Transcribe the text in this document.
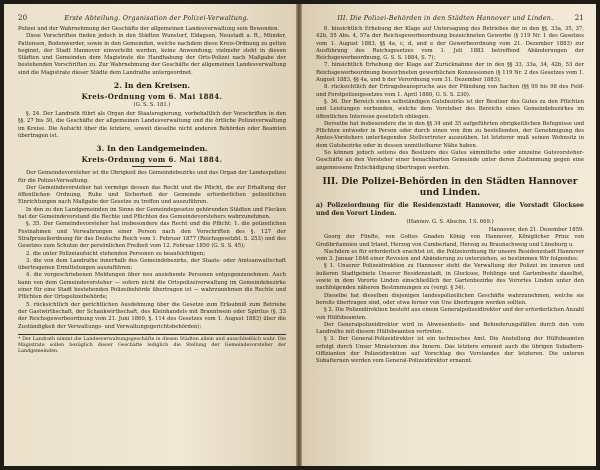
20	Erste Abteilung. Organisation der Polizei-Verwaltung.

Polizei und der Wahrnehmung der Geschäfte der allgemeinen Landesverwaltung sein Bewenden.

Diese Vorschriften finden jedoch in den Städten Wunstorf, Eldagsen, Neustadt a. R., Münder, Pattensen, Bodenwerder, sowie in den Gemeinden, welche nachdem diese Kreis-Ordnung zu gelten beginnt, der Stadt Hannover einverleibt werden, keine Anwendung; vielmehr steht in diesen Städten und Gemeinden dem Magistrate die Handhabung der Orts-Polizei nach Maßgabe der bestehenden Vorschriften zu. Zur Wahrnehmung der Geschäfte der allgemeinen Landesverwaltung sind die Magistrate dieser Städte dem Landrathe untergeordnet.

2. In den Kreisen.
Kreis-Ordnung vom 6. Mai 1884.
(G. S. S. 181.)

§. 24. Der Landrath führt als Organ der Staatsregierung, vorbehaltlich der Vorschriften in den §§. 27 bis 30, die Geschäfte der allgemeinen Landesverwaltung und die örtliche Polizeiverwaltung im Kreise. Die Aufsicht über die letztere, soweit dieselbe nicht anderen Behörden oder Beamten übertragen ist.

3. In den Landgemeinden.
Kreis-Ordnung vom 6. Mai 1884.

Der Gemeindevorsteher ist die Obrigkeit des Gemeindebezirks und das Organ der Landespolizei für die Polizei-Verwaltung.

Der Gemeindevorsteher hat vermöge dessen das Recht und die Pflicht, die zur Erhaltung der öffentlichen Ordnung, Ruhe und Sicherheit der Gemeinde erforderlichen polizeilichen Einrichtungen nach Maßgabe der Gesetze zu treffen und auszuführen.

In den zu den Landgemeinden im Sinne der Gemeindegesetze gehörenden Städten und Flecken hat der Gemeindevorstand die Rechte und Pflichten des Gemeindevorstehers wahrzunehmen.

§. 35. Der Gemeindevorsteher hat insbesondere das Recht und die Pflicht: 1. die polizeilichen Festnahmen und Verwahrungen einer Person nach den Vorschriften des §. 127 der Strafprozeßordnung für das Deutsche Reich vom 1. Februar 1877 (Reichsgesetzbl. S. 253) und des Gesetzes zum Schutze der persönlichen Freiheit vom 12. Februar 1850 (G. S. S. 45);

2. die unter Polizeiaufsicht stehenden Personen zu beaufsichtigen;

3. die von dem Landrathe innerhalb des Gemeindebezirks, der Staats- oder Amtsanwaltschaft übertragenen Ermittelungen auszuführen;

4. die vorgeschriebenen Meldungen über neu anziehende Personen entgegenzunehmen. Auch kann von dem Gemeindevorsteher — sofern nicht die Ortspolizeiverwaltung im Gemeindebezirke einer für eine Stadt bestehenden Polizeibehörde übertragen ist — wahrzunehmen die Rechte und Pflichten der Ortspolizeibehörde;

5. rücksichtlich der gerichtlichen Ausdehnung über die Gesetze zum Erlaubniß zum Betriebe der Gastwirthschaft, der Schankwirthschaft, des Kleinhandels mit Branntwein oder Spiritus (§. 33 der Reichsgewerbeordnung vom 21. Juni 1869, §. 114 des Gesetzes vom 1. August 1883) über die Zuständigkeit der Verwaltungs- und Verwaltungsgerichtsbehörden);

* Der Landrath nimmt die Landesverwaltungsgeschäfte in diesen Städten allein und ausschließlich wahr. Die Magistrate sollen bezüglich dieser Geschäfte lediglich die Stellung der Gemeindevorsteher der Landgemeinden.
III. Die Polizei-Behörden in den Städten Hannover und Linden.	21

6. hinsichtlich Erhebung der Klage auf Untersagung des Betriebes der in den §§. 33a, 35, 37, 42b, 55 Abs. 4, 57a der Reichsgewerbeordnung bezeichneten Gewerbe (§ 119 Nr. 1 des Gesetzes vom 1. August 1883, §§ 4a, c, d, und e der Gewerbeordnung vom 21. Dezember 1883) zur Ausführung des Reichsgesetzes vom 1. Juli 1883 betreffend Abänderungen der Reichsgewerbeordnung, G. S. S. 1884, S. 7);

7. hinsichtlich Erhebung der Klage auf Zurücknahme der in den §§ 33, 33a, 34, 42b, 53 der Reichsgewerbeordnung bezeichneten gewerblichen Konzessionen (§ 119 Nr. 2 des Gesetzes vom 1. August 1883, §§ 4a, und b der Verordnung vom 31. Dezember 1883);

8. rücksichtlich der Ertragsbeanspruche aus der Pfändung von Sachen (§§ 99 bis 98 des Feld- und Forstpolizeigesetzes vom 1. April 1880, G. S. S. 230).

§. 36. Der Bereich eines selbständigen Gutsbezirks ist der Besitzer des Gutes zu den Pflichten und Leistungen verbunden, welche dem Vorsteher des Bereichs eines Gemeindebezirkes im öffentlichen Interesse gesetzlich obliegen.

Derselbe hat insbesondere die in den §§ 34 und 35 aufgeführten obrigkeitlichen Befugnisse und Pflichten entweder in Person oder durch einen von ihm zu bestellenden, der Genehmigung des Amtes-Vorstehers unterliegenden Stellvertreter auszuüben. Ist letzterer muß seinen Wohnsitz in dem Gutsbezirke oder in dessen unmittelbarer Nähe haben.

So können jedoch seitens des Besitzers des Gutes sämmtliche oder einzelne Gutsvorsteher-Geschäfte an den Vorsteher einer benachbarten Gemeinde unter deren Zustimmung gegen eine angemessene Entschädigung übertragen werden.

III. Die Polizei-Behörden in den Städten Hannover und Linden.
a) Polizeiordnung für die Residenzstadt Hannover, die Vorstadt Glocksee und den Vorort Linden.
(Hannov. G. S. Abschn. I S. 669.)

Hannover, den 21. Dezember 1859.

Georg der Fünfte, von Gottes Gnaden König von Hannover, Königlicher Prinz von Großbritannien und Irland, Herzog von Cumberland, Herzog zu Braunschweig und Lüneburg u.

Nachdem es für erforderlich erachtet ist, die Polizeiordnung für unsere Residenzstadt Hannover vom 3. Januar 1846 einer Revision und Abänderung zu unterziehen, so bestimmen Wir folgendes:

§ 1. Unserer Polizeidirektion zu Hannover steht die Verwaltung der Polizei im inneren und äußeren Stadtgebiete Unserer Residenzstadt, in Glocksee, Rohlinge und Gartenbesitz daselbst, sowie in dem Vororte Linden einschließlich der Gartenbezirke des Vorortes Linden unter den nachfolgenden näheren Bestimmungen zu (vergl. § 34).

Dieselbe hat dieselben diejenigen landespolizeilichen Geschäfte wahrzunehmen, welche sie bereits übertragen sind, oder etwa ferner von Uns übertragen werden sollten.

§ 2. Die Polizeidirektion besteht aus einem Generalpolizeidirektor und der erforderlichen Anzahl von Hülfsbeamten.

Der Generalpolizeidirektor wird in Abwesenheits- und Behinderungsfällen durch den vom Landrathe mit diesem Hülfsbeamten vertreten.

§ 3. Der General-Polizeidirektor ist ein technisches Amt. Die Anstellung der Hülfsbeamten erfolgt durch Unser Ministerium des Innern. Das letztere ernennt auch die übrigen Subaltern-Offizianten der Polizeidirektion auf Vorschlag des Vorstandes der letzteren. Die unteren Subalternen werden vom General-Polizeidirektor ernannt.
